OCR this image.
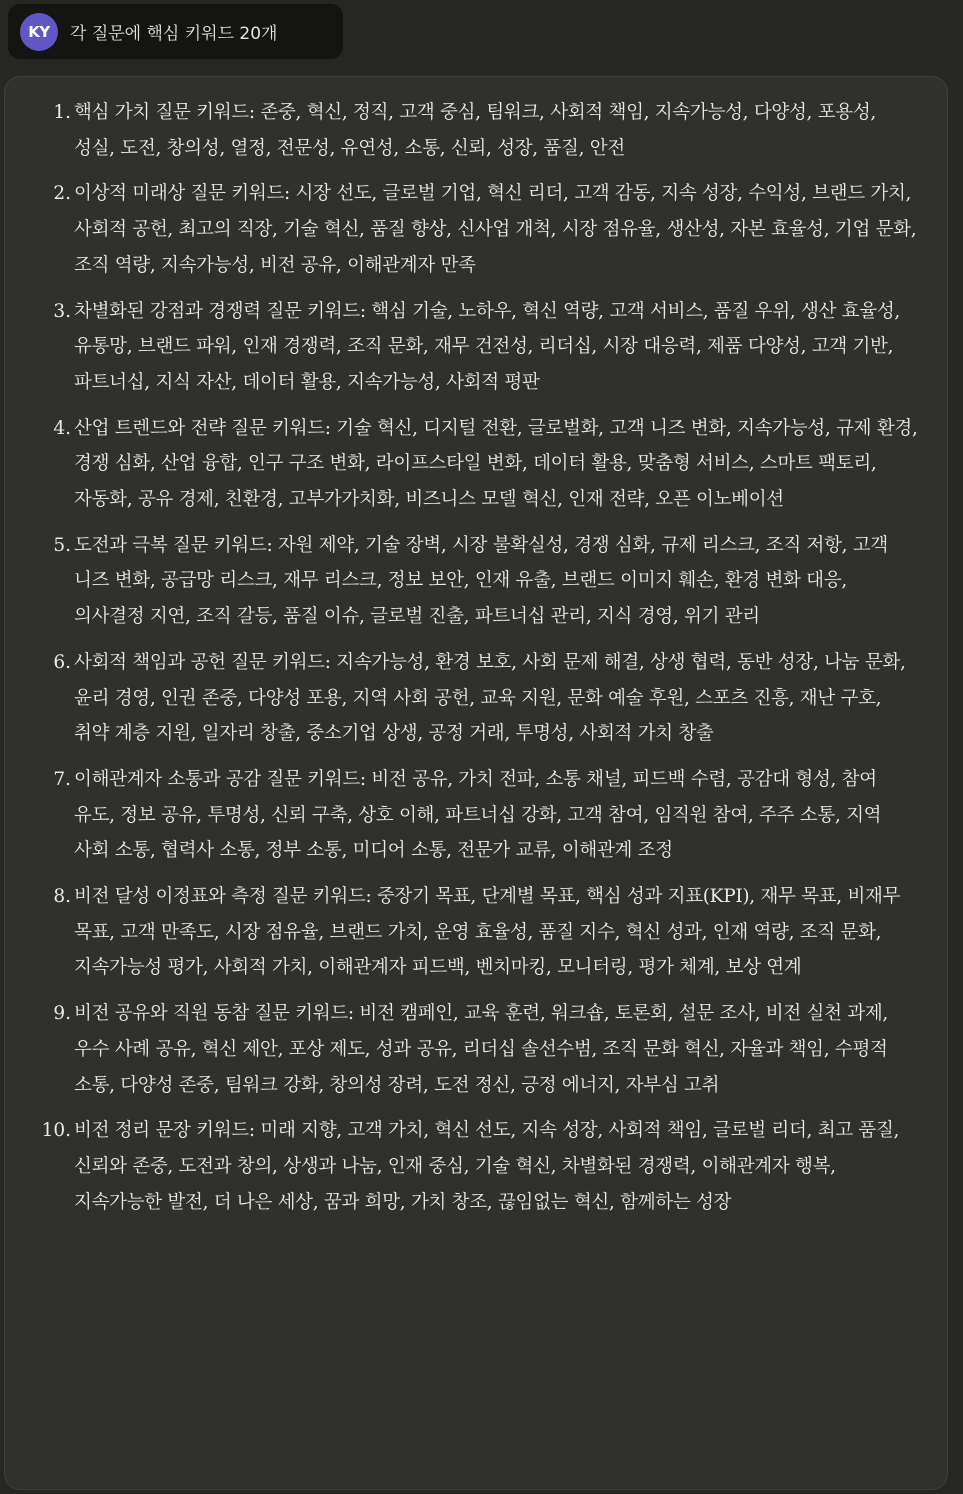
KY	각 질문에 핵심 키워드 20개
1. 핵심 가치 질문 키워드: 존중, 혁신, 정직, 고객 중심, 팀워크, 사회적 책임, 지속가능성, 다양성, 포용성, 성실, 도전, 창의성, 열정, 전문성, 유연성, 소통, 신뢰, 성장, 품질, 안전
2. 이상적 미래상 질문 키워드: 시장 선도, 글로벌 기업, 혁신 리더, 고객 감동, 지속 성장, 수익성, 브랜드 가치, 사회적 공헌, 최고의 직장, 기술 혁신, 품질 향상, 신사업 개척, 시장 점유율, 생산성, 자본 효율성, 기업 문화, 조직 역량, 지속가능성, 비전 공유, 이해관계자 만족
3. 차별화된 강점과 경쟁력 질문 키워드: 핵심 기술, 노하우, 혁신 역량, 고객 서비스, 품질 우위, 생산 효율성, 유통망, 브랜드 파워, 인재 경쟁력, 조직 문화, 재무 건전성, 리더십, 시장 대응력, 제품 다양성, 고객 기반, 파트너십, 지식 자산, 데이터 활용, 지속가능성, 사회적 평판
4. 산업 트렌드와 전략 질문 키워드: 기술 혁신, 디지털 전환, 글로벌화, 고객 니즈 변화, 지속가능성, 규제 환경, 경쟁 심화, 산업 융합, 인구 구조 변화, 라이프스타일 변화, 데이터 활용, 맞춤형 서비스, 스마트 팩토리, 자동화, 공유 경제, 친환경, 고부가가치화, 비즈니스 모델 혁신, 인재 전략, 오픈 이노베이션
5. 도전과 극복 질문 키워드: 자원 제약, 기술 장벽, 시장 불확실성, 경쟁 심화, 규제 리스크, 조직 저항, 고객 니즈 변화, 공급망 리스크, 재무 리스크, 정보 보안, 인재 유출, 브랜드 이미지 훼손, 환경 변화 대응, 의사결정 지연, 조직 갈등, 품질 이슈, 글로벌 진출, 파트너십 관리, 지식 경영, 위기 관리
6. 사회적 책임과 공헌 질문 키워드: 지속가능성, 환경 보호, 사회 문제 해결, 상생 협력, 동반 성장, 나눔 문화, 윤리 경영, 인권 존중, 다양성 포용, 지역 사회 공헌, 교육 지원, 문화 예술 후원, 스포츠 진흥, 재난 구호, 취약 계층 지원, 일자리 창출, 중소기업 상생, 공정 거래, 투명성, 사회적 가치 창출
7. 이해관계자 소통과 공감 질문 키워드: 비전 공유, 가치 전파, 소통 채널, 피드백 수렴, 공감대 형성, 참여 유도, 정보 공유, 투명성, 신뢰 구축, 상호 이해, 파트너십 강화, 고객 참여, 임직원 참여, 주주 소통, 지역 사회 소통, 협력사 소통, 정부 소통, 미디어 소통, 전문가 교류, 이해관계 조정
8. 비전 달성 이정표와 측정 질문 키워드: 중장기 목표, 단계별 목표, 핵심 성과 지표(KPI), 재무 목표, 비재무 목표, 고객 만족도, 시장 점유율, 브랜드 가치, 운영 효율성, 품질 지수, 혁신 성과, 인재 역량, 조직 문화, 지속가능성 평가, 사회적 가치, 이해관계자 피드백, 벤치마킹, 모니터링, 평가 체계, 보상 연계
9. 비전 공유와 직원 동참 질문 키워드: 비전 캠페인, 교육 훈련, 워크숍, 토론회, 설문 조사, 비전 실천 과제, 우수 사례 공유, 혁신 제안, 포상 제도, 성과 공유, 리더십 솔선수범, 조직 문화 혁신, 자율과 책임, 수평적 소통, 다양성 존중, 팀워크 강화, 창의성 장려, 도전 정신, 긍정 에너지, 자부심 고취
10. 비전 정리 문장 키워드: 미래 지향, 고객 가치, 혁신 선도, 지속 성장, 사회적 책임, 글로벌 리더, 최고 품질, 신뢰와 존중, 도전과 창의, 상생과 나눔, 인재 중심, 기술 혁신, 차별화된 경쟁력, 이해관계자 행복, 지속가능한 발전, 더 나은 세상, 꿈과 희망, 가치 창조, 끊임없는 혁신, 함께하는 성장
